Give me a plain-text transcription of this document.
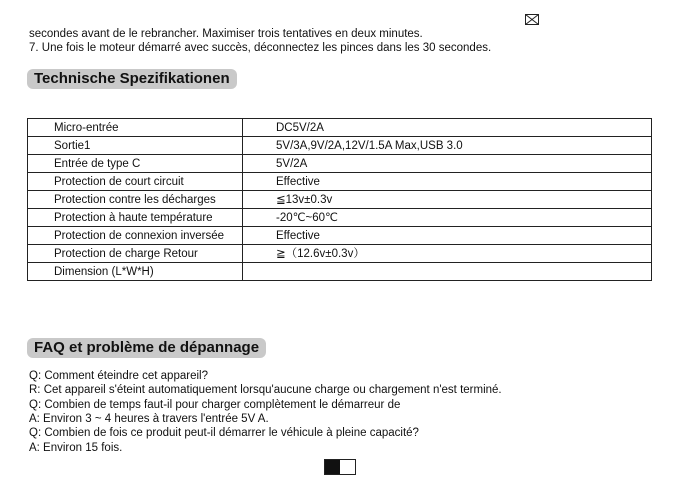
secondes avant de le rebrancher. Maximiser trois tentatives en deux minutes.
7. Une fois le moteur démarré avec succès, déconnectez les pinces dans les 30 secondes.
Technische Spezifikationen
Micro-entrée	DC5V/2A
Sortie1	5V/3A,9V/2A,12V/1.5A Max,USB 3.0
Entrée de type C	5V/2A
Protection de court circuit	Effective
Protection contre les décharges	≦13v±0.3v
Protection à haute température	-20℃~60℃
Protection de connexion inversée	Effective
Protection de charge Retour	≧（12.6v±0.3v）
Dimension (L*W*H)	
FAQ et problème de dépannage
Q: Comment éteindre cet appareil?
R: Cet appareil s'éteint automatiquement lorsqu'aucune charge ou chargement n'est terminé.
Q: Combien de temps faut-il pour charger complètement le démarreur de
A: Environ 3 ~ 4 heures à travers l'entrée 5V A.
Q: Combien de fois ce produit peut-il démarrer le véhicule à pleine capacité?
A: Environ 15 fois.
